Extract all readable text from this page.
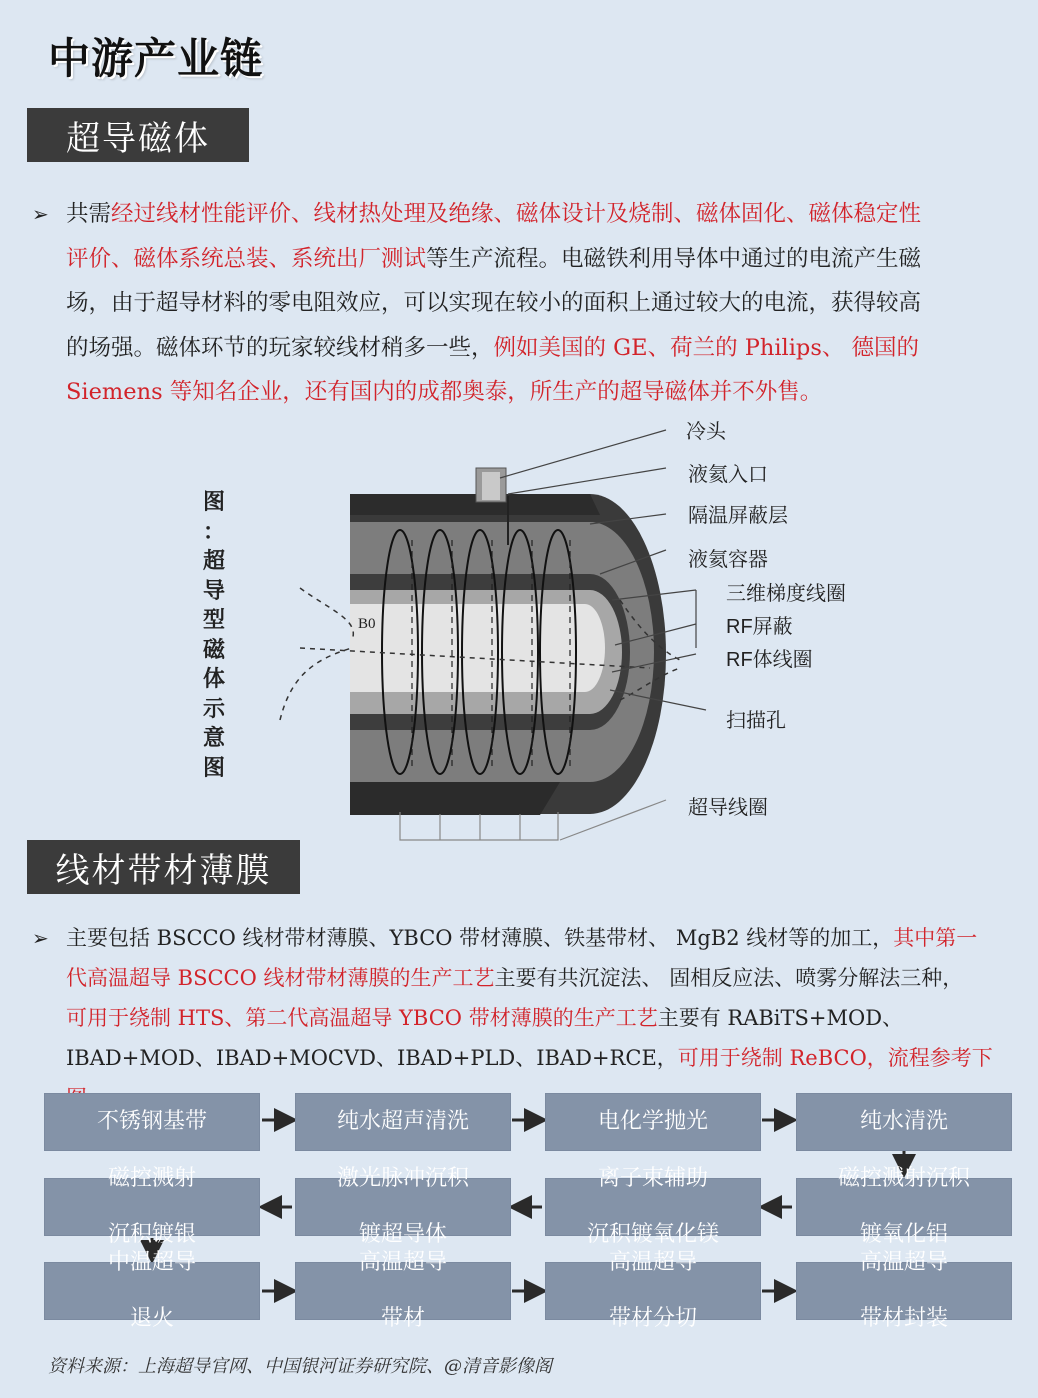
中游产业链
超导磁体
➢ 共需经过线材性能评价、线材热处理及绝缘、磁体设计及烧制、磁体固化、磁体稳定性
评价、磁体系统总装、系统出厂测试等生产流程。电磁铁利用导体中通过的电流产生磁
场，由于超导材料的零电阻效应，可以实现在较小的面积上通过较大的电流，获得较高
的场强。磁体环节的玩家较线材稍多一些，例如美国的 GE、荷兰的 Philips、 德国的
Siemens 等知名企业，还有国内的成都奥泰，所生产的超导磁体并不外售。
B0
图
：
超
导
型
磁
体
示
意
图
冷头
液氦入口
隔温屏蔽层
液氦容器
三维梯度线圈
RF屏蔽
RF体线圈
扫描孔
超导线圈
线材带材薄膜
➢ 主要包括 BSCCO 线材带材薄膜、YBCO 带材薄膜、铁基带材、 MgB2 线材等的加工，其中第一
代高温超导 BSCCO 线材带材薄膜的生产工艺主要有共沉淀法、 固相反应法、喷雾分解法三种，
可用于绕制 HTS、第二代高温超导 YBCO 带材薄膜的生产工艺主要有 RABiTS+MOD、
IBAD+MOD、IBAD+MOCVD、IBAD+PLD、IBAD+RCE，可用于绕制 ReBCO，流程参考下
不锈钢基带	纯水超声清洗	电化学抛光	纯水清洗
磁控溅射

沉积镀银
激光脉冲沉积

镀超导体
离子束辅助

沉积镀氧化镁
磁控溅射沉积

镀氧化铝
中温超导

退火
高温超导

带材
高温超导

带材分切
高温超导

带材封装
资料来源：上海超导官网、中国银河证券研究院、@清音影像阁
